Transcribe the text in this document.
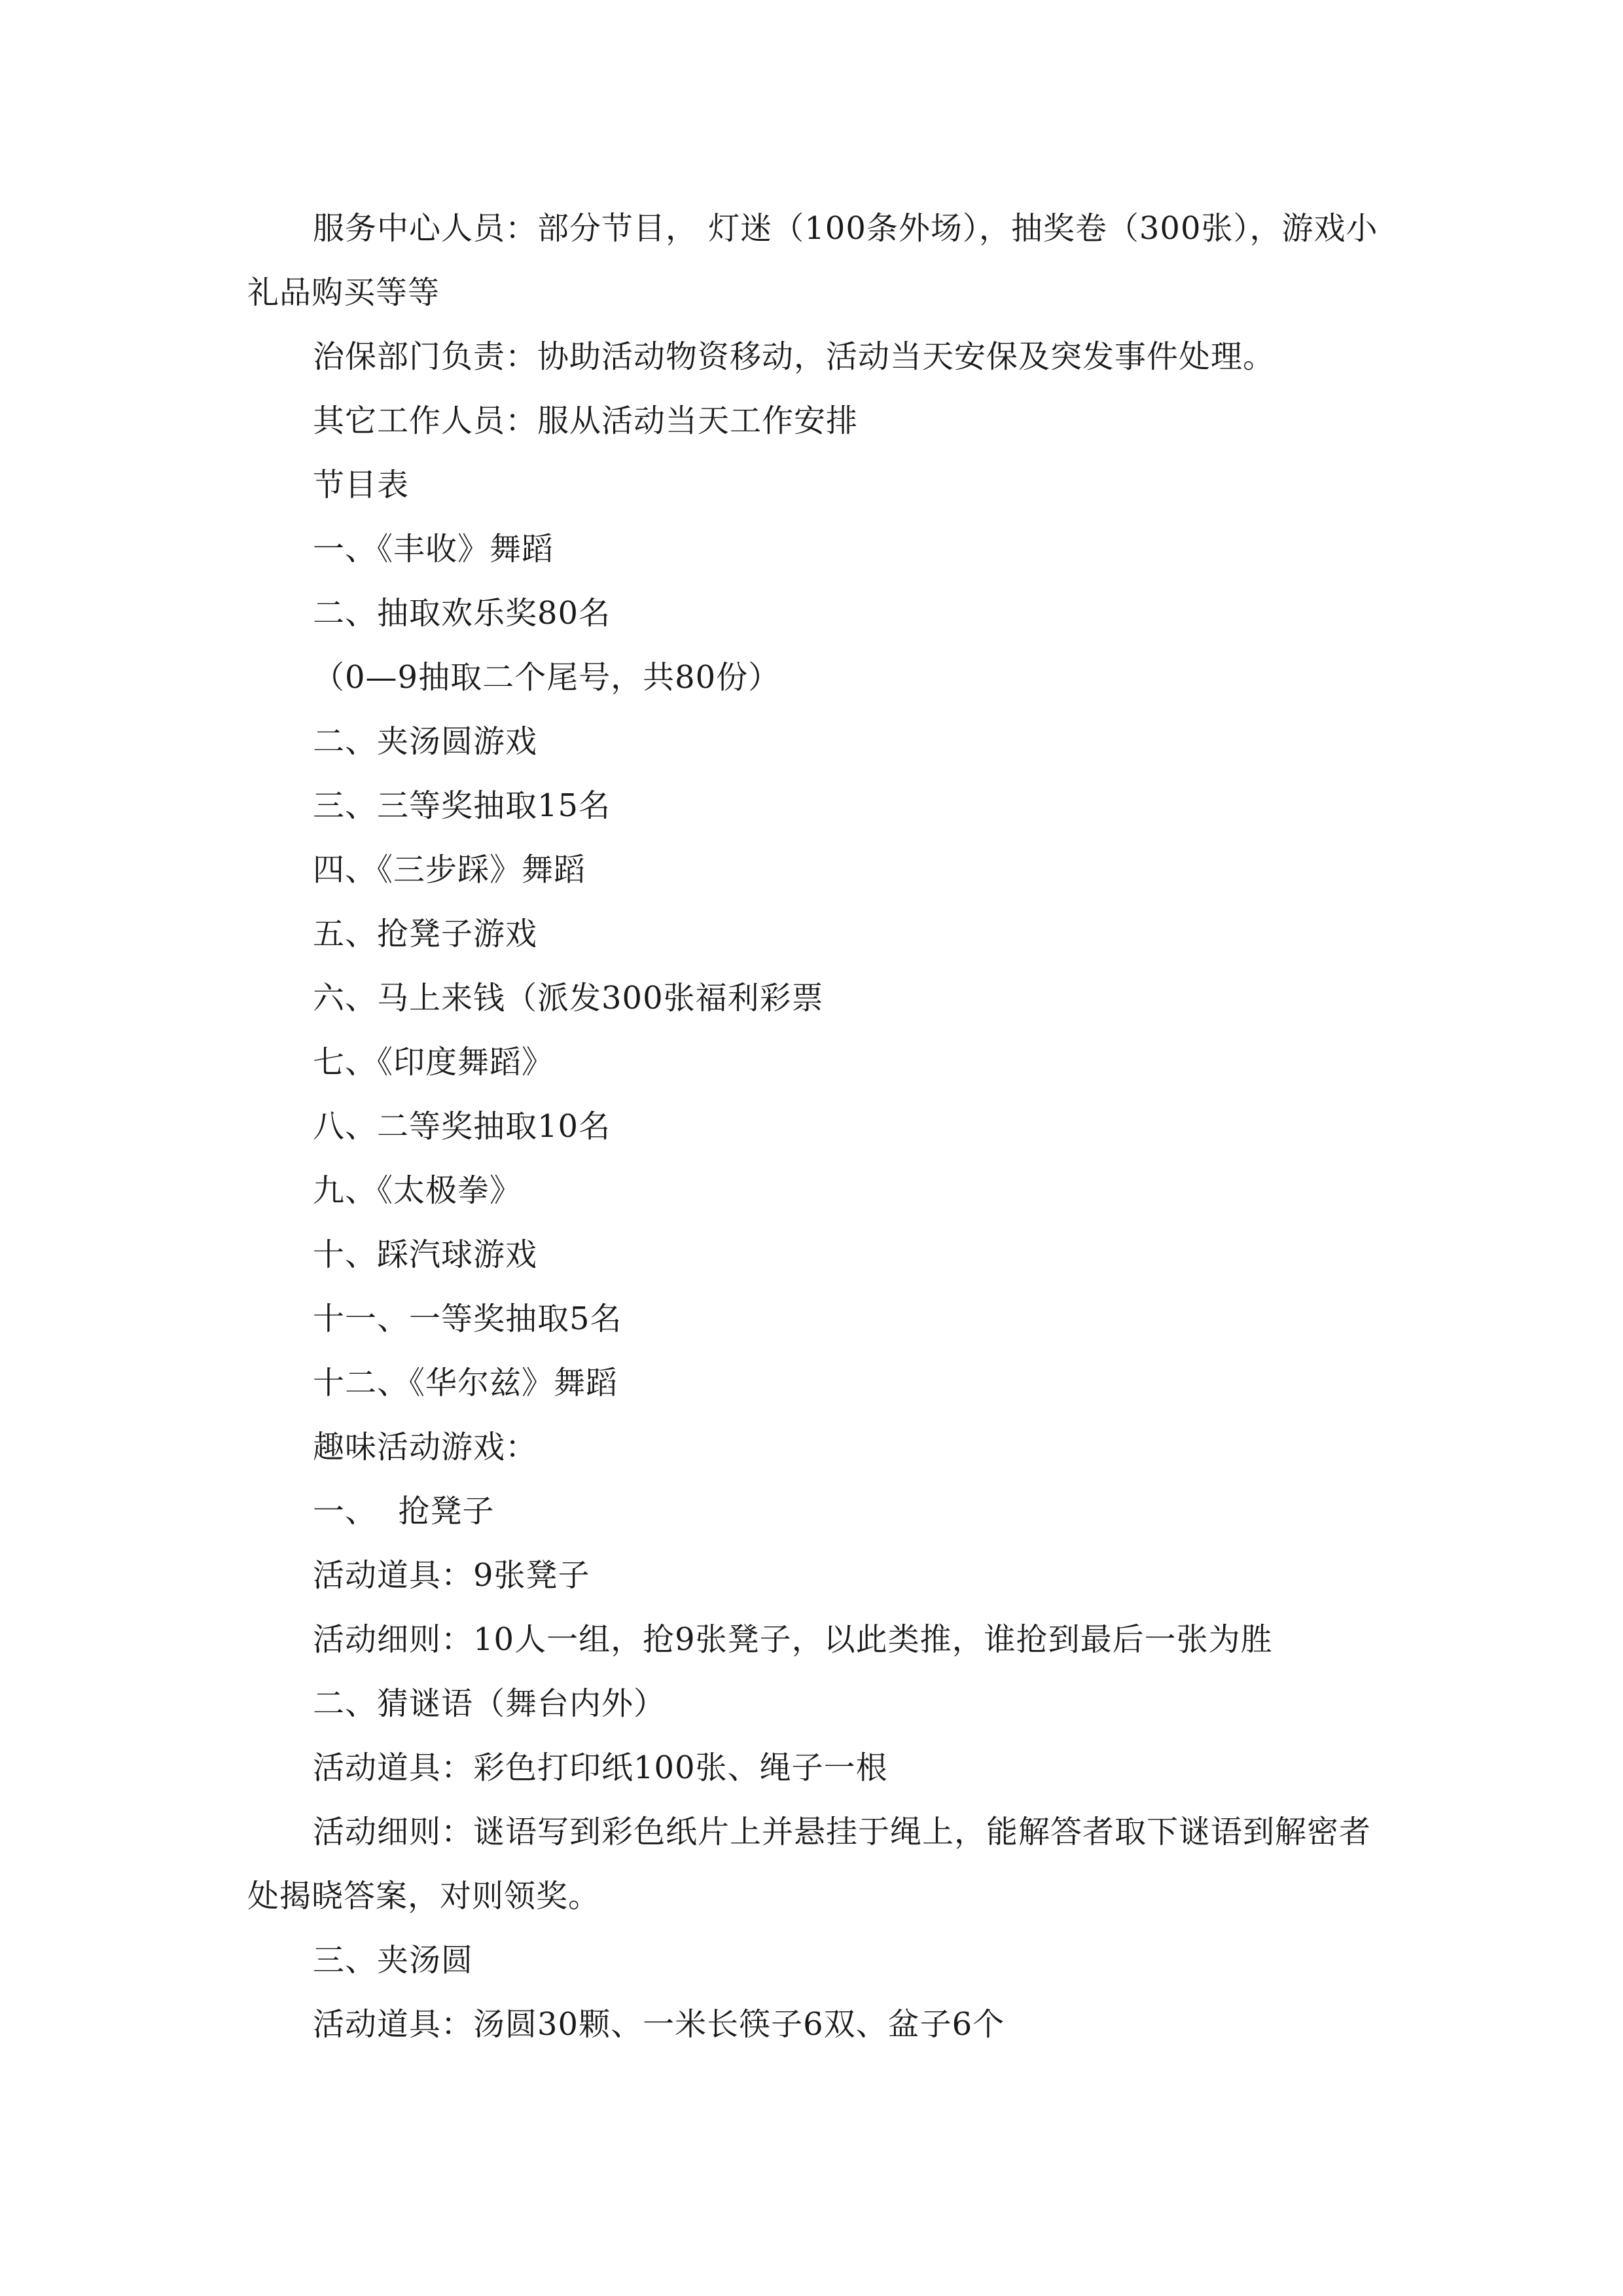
服务中心人员：部分节目， 灯迷（100条外场），抽奖卷（300张），游戏小礼品购买等等

治保部门负责：协助活动物资移动，活动当天安保及突发事件处理。

其它工作人员：服从活动当天工作安排

节目表

一、《丰收》舞蹈

二、抽取欢乐奖80名

（0—9抽取二个尾号，共80份）

二、夹汤圆游戏

三、三等奖抽取15名

四、《三步踩》舞蹈

五、抢凳子游戏

六、马上来钱（派发300张福利彩票

七、《印度舞蹈》

八、二等奖抽取10名

九、《太极拳》

十、踩汽球游戏

十一、一等奖抽取5名

十二、《华尔兹》舞蹈

趣味活动游戏：

一、  抢凳子

活动道具：9张凳子

活动细则：10人一组，抢9张凳子，以此类推，谁抢到最后一张为胜

二、猜谜语（舞台内外）

活动道具：彩色打印纸100张、绳子一根

活动细则：谜语写到彩色纸片上并悬挂于绳上，能解答者取下谜语到解密者处揭晓答案，对则领奖。

三、夹汤圆

活动道具：汤圆30颗、一米长筷子6双、盆子6个
